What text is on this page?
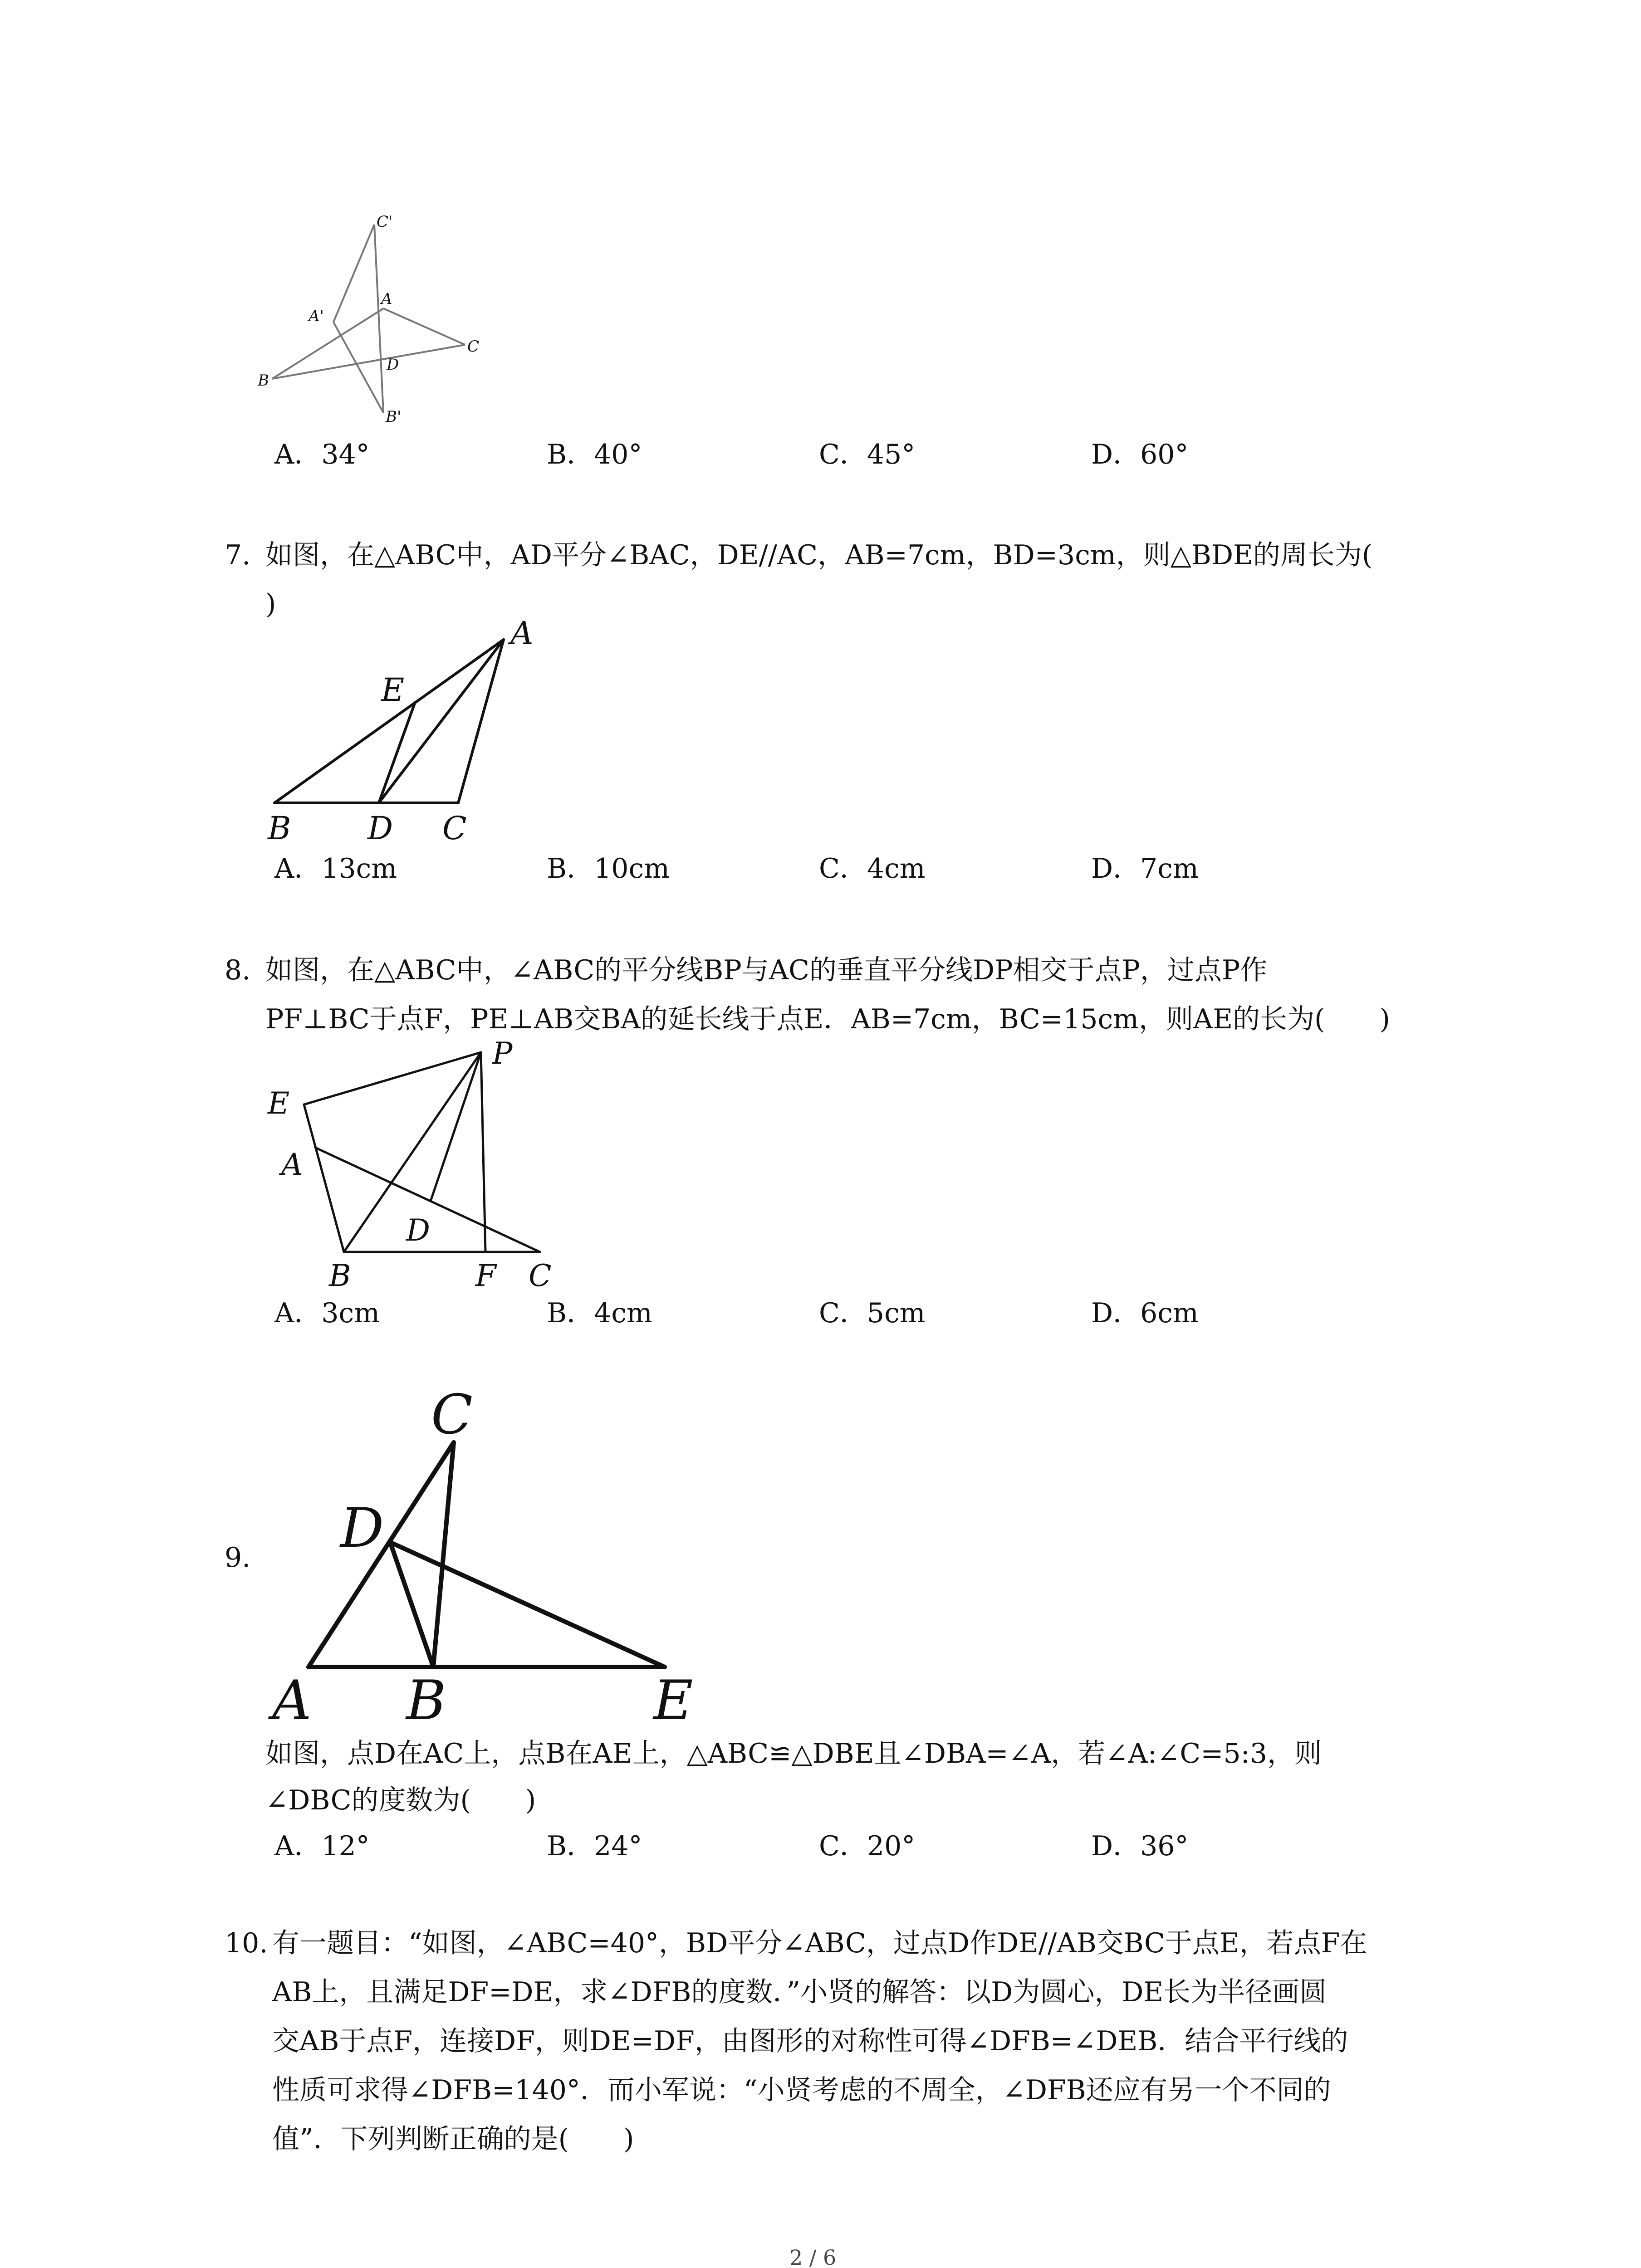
C'
A'
A
C
D
B
B'
A．34°	B．40°	C．45°	D．60°
7. 如图，在△ABC中，AD平分∠BAC，DE//AC，AB=7cm，BD=3cm，则△BDE的周长为(
)
A
E
B D C
A．13cm	B．10cm	C．4cm	D．7cm
8. 如图，在△ABC中，∠ABC的平分线BP与AC的垂直平分线DP相交于点P，过点P作
PF⊥BC于点F，PE⊥AB交BA的延长线于点E．AB=7cm，BC=15cm，则AE的长为(　　)
P
E
A
D
B	F C
A．3cm	B．4cm	C．5cm	D．6cm
9.
C
D
A B	E
如图，点D在AC上，点B在AE上，△ABC≌△DBE且∠DBA=∠A，若∠A:∠C=5:3，则
∠DBC的度数为(　　)
A．12°	B．24°	C．20°	D．36°
10. 有一题目：“如图，∠ABC=40°，BD平分∠ABC，过点D作DE//AB交BC于点E，若点F在
AB上，且满足DF=DE，求∠DFB的度数．”小贤的解答：以D为圆心，DE长为半径画圆
交AB于点F，连接DF，则DE=DF，由图形的对称性可得∠DFB=∠DEB．结合平行线的
性质可求得∠DFB=140°．而小军说：“小贤考虑的不周全，∠DFB还应有另一个不同的
值”．下列判断正确的是(　　)
2 / 6
